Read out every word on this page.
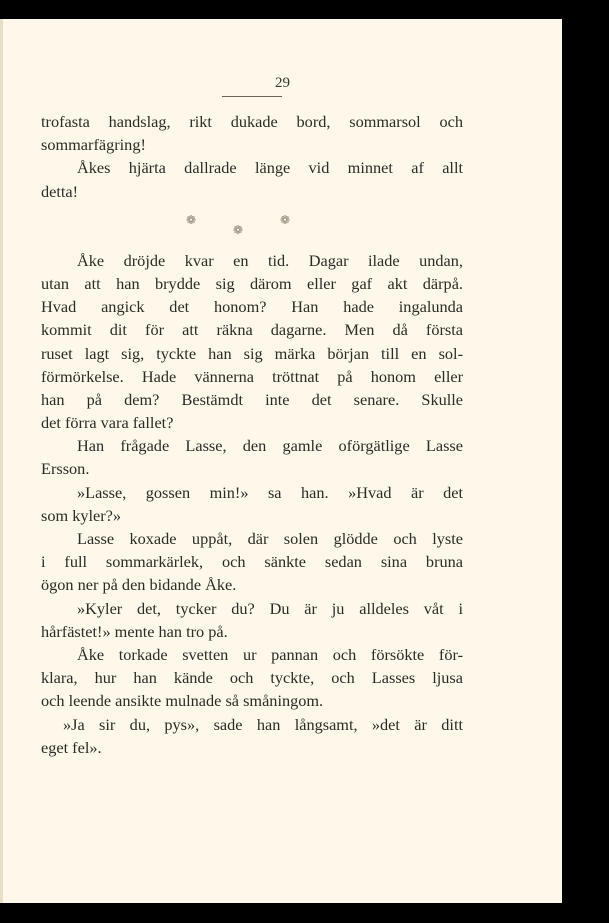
29
trofasta handslag, rikt dukade bord, sommarsol och
sommarfägring!
Åkes hjärta dallrade länge vid minnet af allt
detta!
❁
❁
❁
Åke dröjde kvar en tid. Dagar ilade undan,
utan att han brydde sig därom eller gaf akt därpå.
Hvad angick det honom? Han hade ingalunda
kommit dit för att räkna dagarne. Men då första
ruset lagt sig, tyckte han sig märka början till en sol-
förmörkelse. Hade vännerna tröttnat på honom eller
han på dem? Bestämdt inte det senare. Skulle
det förra vara fallet?
Han frågade Lasse, den gamle oförgätlige Lasse
Ersson.
»Lasse, gossen min!» sa han. »Hvad är det
som kyler?»
Lasse koxade uppåt, där solen glödde och lyste
i full sommarkärlek, och sänkte sedan sina bruna
ögon ner på den bidande Åke.
»Kyler det, tycker du? Du är ju alldeles våt i
hårfästet!» mente han tro på.
Åke torkade svetten ur pannan och försökte för-
klara, hur han kände och tyckte, och Lasses ljusa
och leende ansikte mulnade så småningom.
»Ja sir du, pys», sade han långsamt, »det är ditt
eget fel».
